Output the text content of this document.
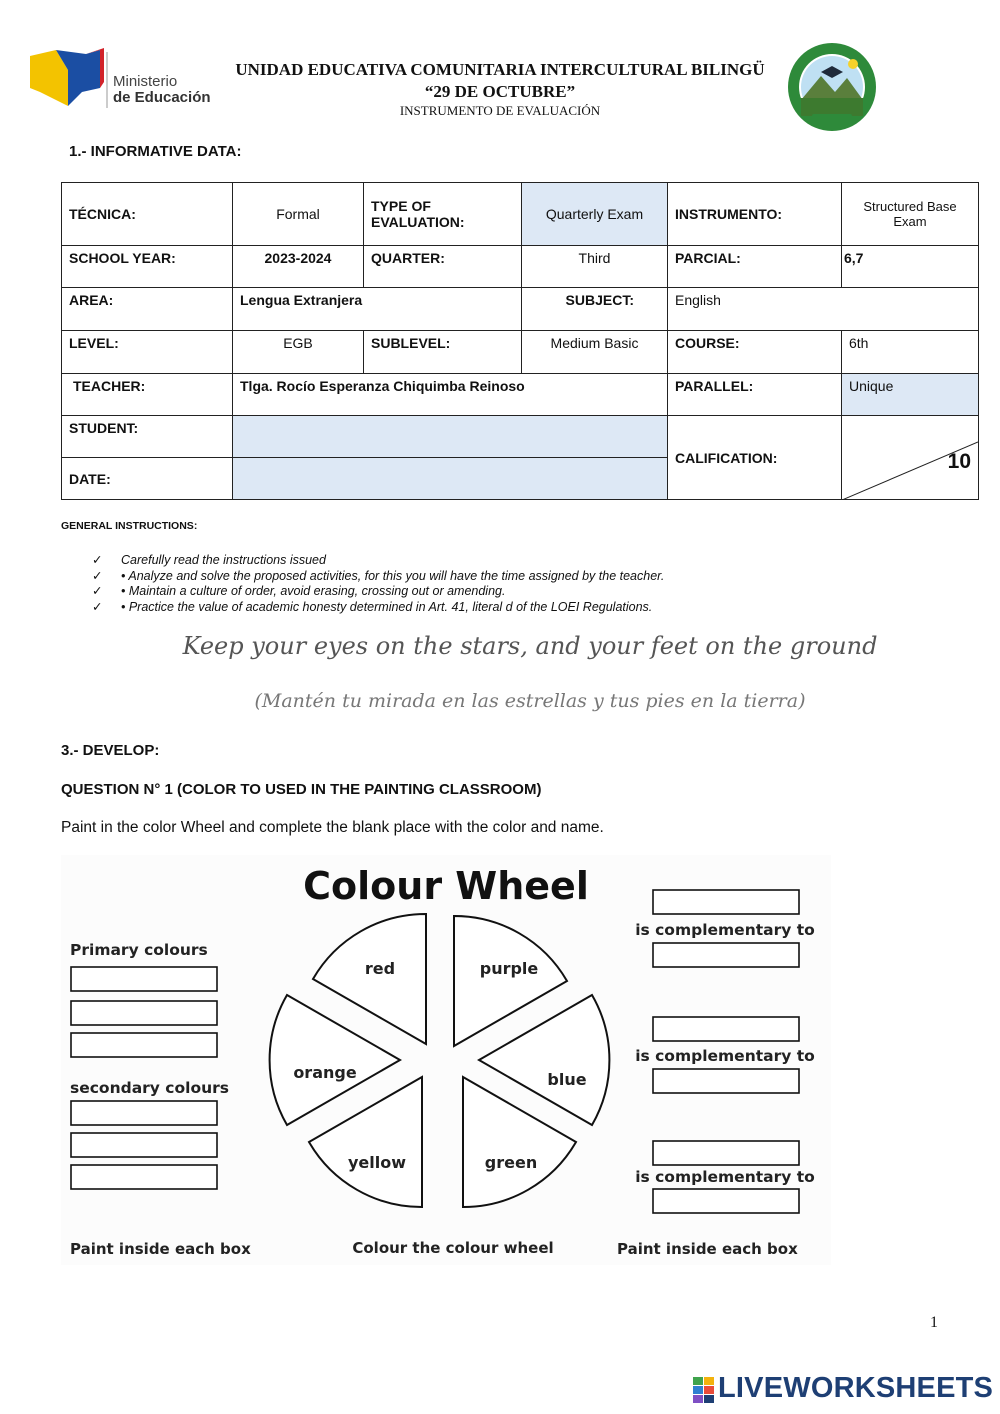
Ministerio
de Educación
UNIDAD EDUCATIVA COMUNITARIA INTERCULTURAL BILINGÜ
“29 DE OCTUBRE”
INSTRUMENTO DE EVALUACIÓN
1.- INFORMATIVE DATA:
TÉCNICA:	Formal	TYPE OF EVALUATION:	Quarterly Exam	INSTRUMENTO:	Structured Base Exam
SCHOOL YEAR:	2023-2024	QUARTER:	Third	PARCIAL:	6,7
AREA:	Lengua Extranjera		SUBJECT:	English	
LEVEL:	EGB	SUBLEVEL:	Medium Basic	COURSE:	6th
TEACHER:	Tlga. Rocío Esperanza Chiquimba Reinoso			PARALLEL:	Unique
STUDENT:				CALIFICATION:	10

DATE:					
GENERAL INSTRUCTIONS:
✓ Carefully read the instructions issued
✓ • Analyze and solve the proposed activities, for this you will have the time assigned by the teacher.
✓ • Maintain a culture of order, avoid erasing, crossing out or amending.
✓ • Practice the value of academic honesty determined in Art. 41, literal d of the LOEI Regulations.
Keep your eyes on the stars, and your feet on the ground
(Mantén tu mirada en las estrellas y tus pies en la tierra)
3.- DEVELOP:
QUESTION N° 1 (COLOR TO USED IN THE PAINTING CLASSROOM)
Paint in the color Wheel and complete the blank place with the color and name.
Colour Wheel
Primary colours
secondary colours
red	purple
blue
green
yellow
orange
is complementary to
is complementary to
is complementary to
Paint inside each box	Colour the colour wheel	Paint inside each box
1
LIVEWORKSHEETS
